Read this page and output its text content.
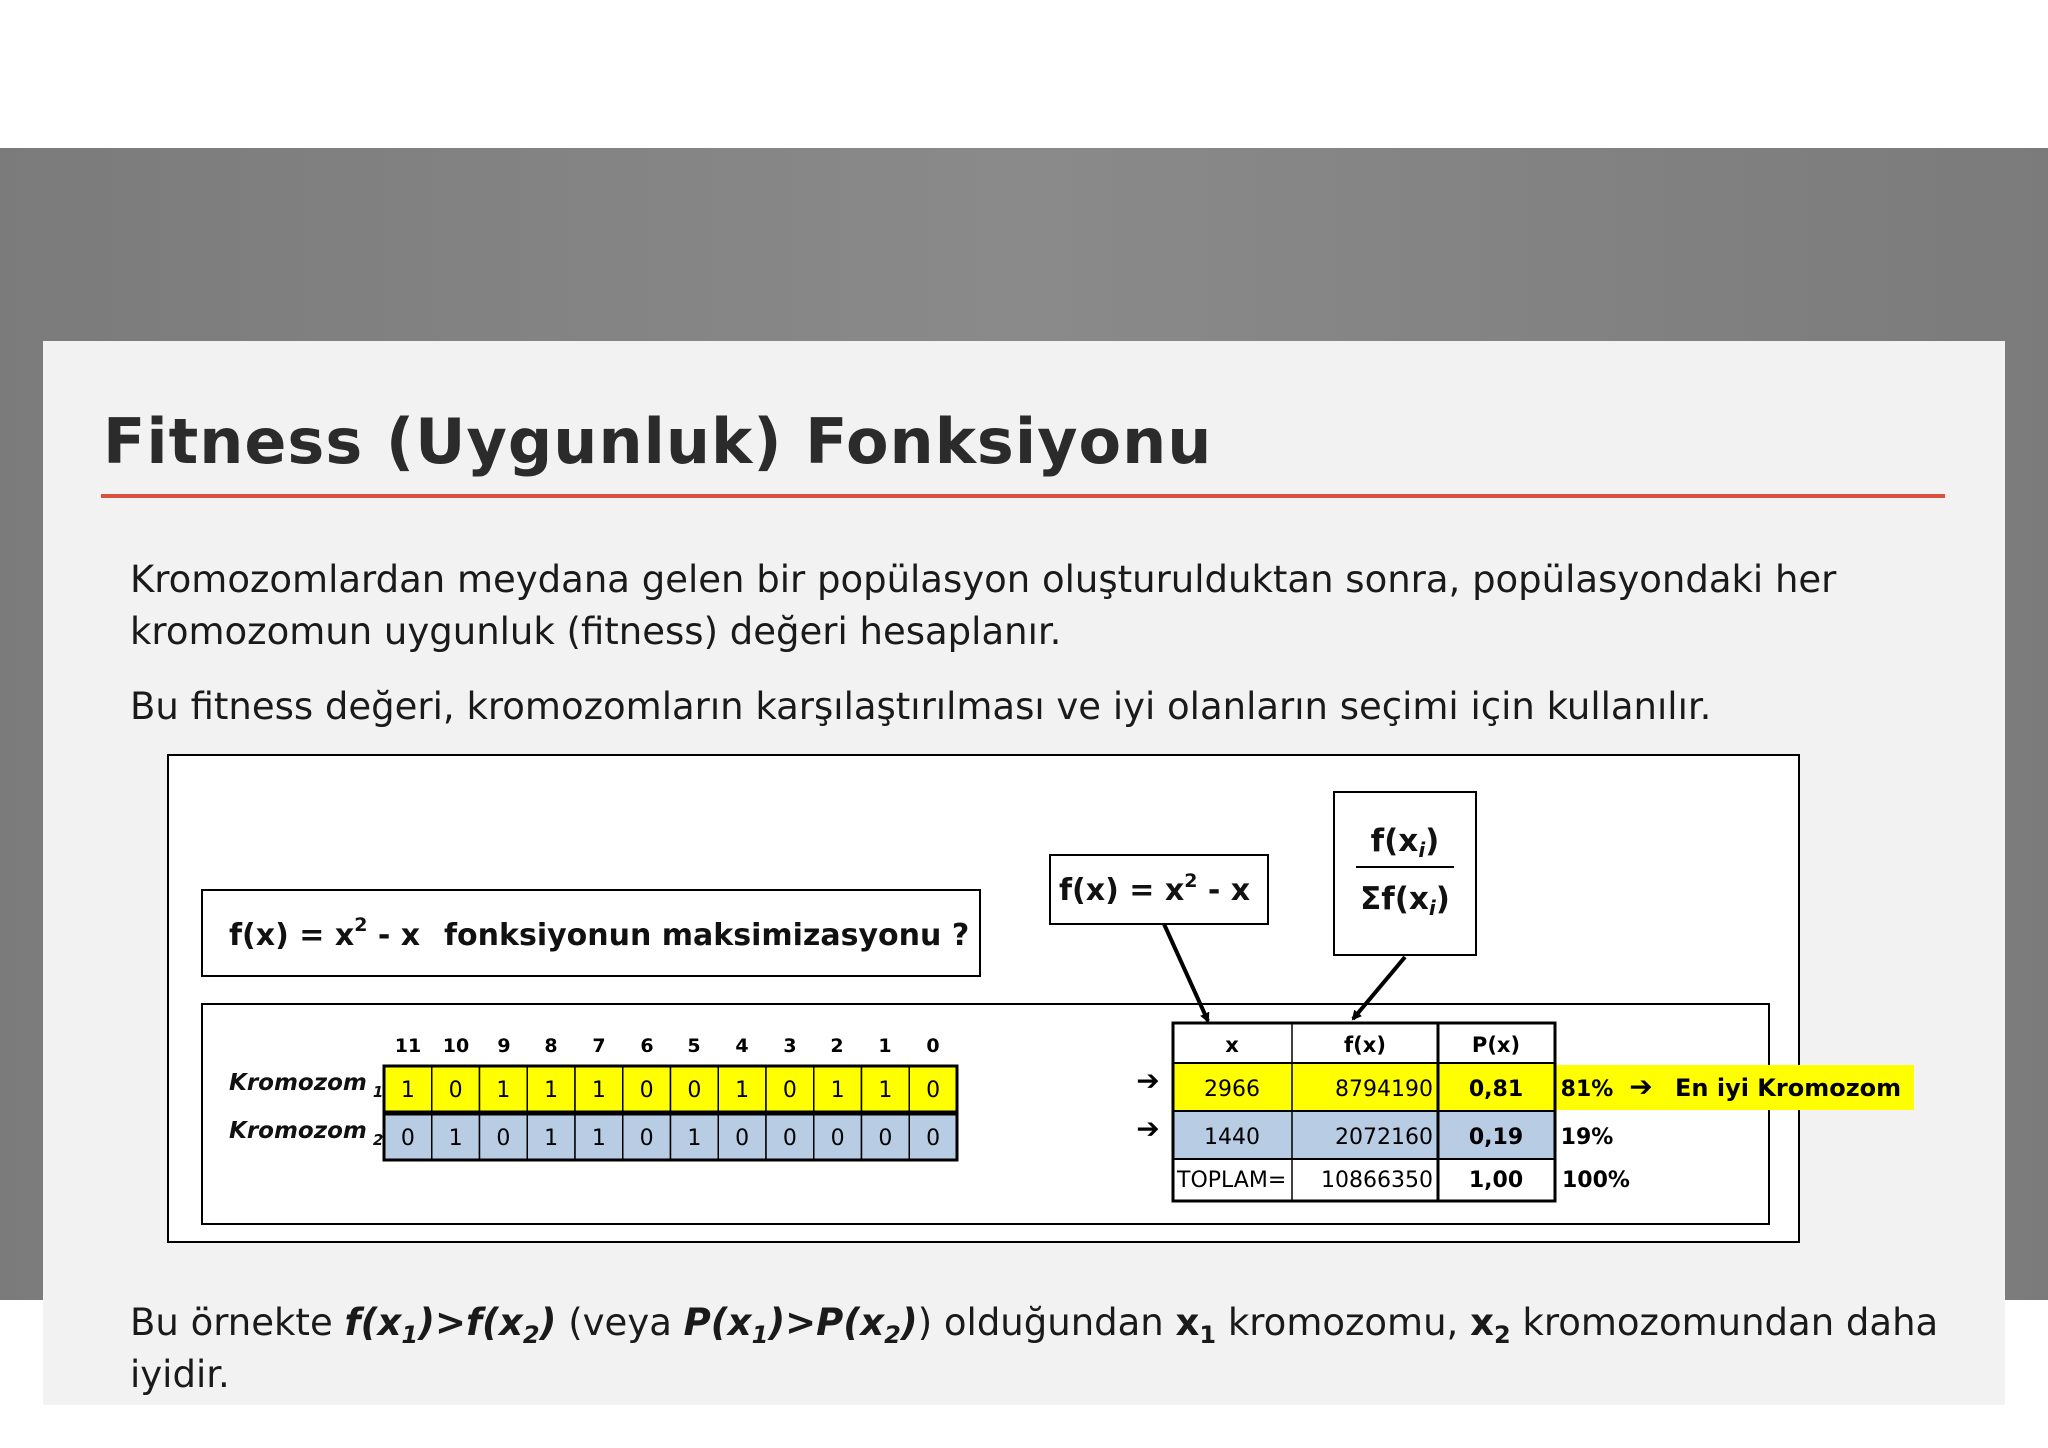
Fitness (Uygunluk) Fonksiyonu
Kromozomlardan meydana gelen bir popülasyon oluşturulduktan sonra, popülasyondaki her kromozomun uygunluk (fitness) değeri hesaplanır.
Bu fitness değeri, kromozomların karşılaştırılması ve iyi olanların seçimi için kullanılır.
$f(x) = x^2 - x$ fonksiyonun maksimizasyonu ?
$f(x) = x^2 - x$
f(xi)
Σf(xi)
11 10 9 8 7 6 5 4 3 2 1 0
Kromozom $_1$
Kromozom $_2$
1 0 1 1 1 0 0 1 0 1 1 0
0 1 0 1 1 0 1 0 0 0 0 0
➔
➔
x	f(x)	P(x)
2966	8794190 0,81 81%
1440	2072160 0,19 19%
TOPLAM= 10866350 1,00 100%
➔ En iyi Kromozom
Bu örnekte $f(x_1)>f(x_2)$ (veya $P(x_1)>P(x_2)$) olduğundan $x_1$ kromozomu, $x_2$ kromozomundan daha iyidir.
